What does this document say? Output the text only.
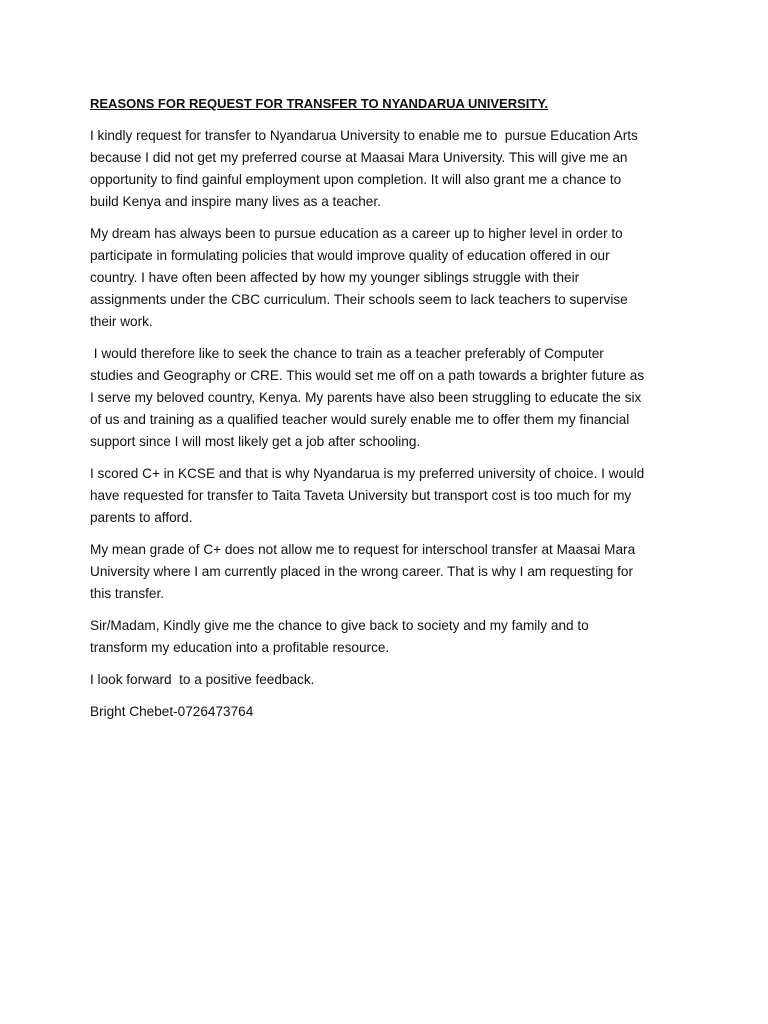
REASONS FOR REQUEST FOR TRANSFER TO NYANDARUA UNIVERSITY.
I kindly request for transfer to Nyandarua University to enable me to  pursue Education Arts
because I did not get my preferred course at Maasai Mara University. This will give me an
opportunity to find gainful employment upon completion. It will also grant me a chance to
build Kenya and inspire many lives as a teacher.
My dream has always been to pursue education as a career up to higher level in order to
participate in formulating policies that would improve quality of education offered in our
country. I have often been affected by how my younger siblings struggle with their
assignments under the CBC curriculum. Their schools seem to lack teachers to supervise
their work.
I would therefore like to seek the chance to train as a teacher preferably of Computer
studies and Geography or CRE. This would set me off on a path towards a brighter future as
I serve my beloved country, Kenya. My parents have also been struggling to educate the six
of us and training as a qualified teacher would surely enable me to offer them my financial
support since I will most likely get a job after schooling.
I scored C+ in KCSE and that is why Nyandarua is my preferred university of choice. I would
have requested for transfer to Taita Taveta University but transport cost is too much for my
parents to afford.
My mean grade of C+ does not allow me to request for interschool transfer at Maasai Mara
University where I am currently placed in the wrong career. That is why I am requesting for
this transfer.
Sir/Madam, Kindly give me the chance to give back to society and my family and to
transform my education into a profitable resource.
I look forward  to a positive feedback.
Bright Chebet-0726473764
